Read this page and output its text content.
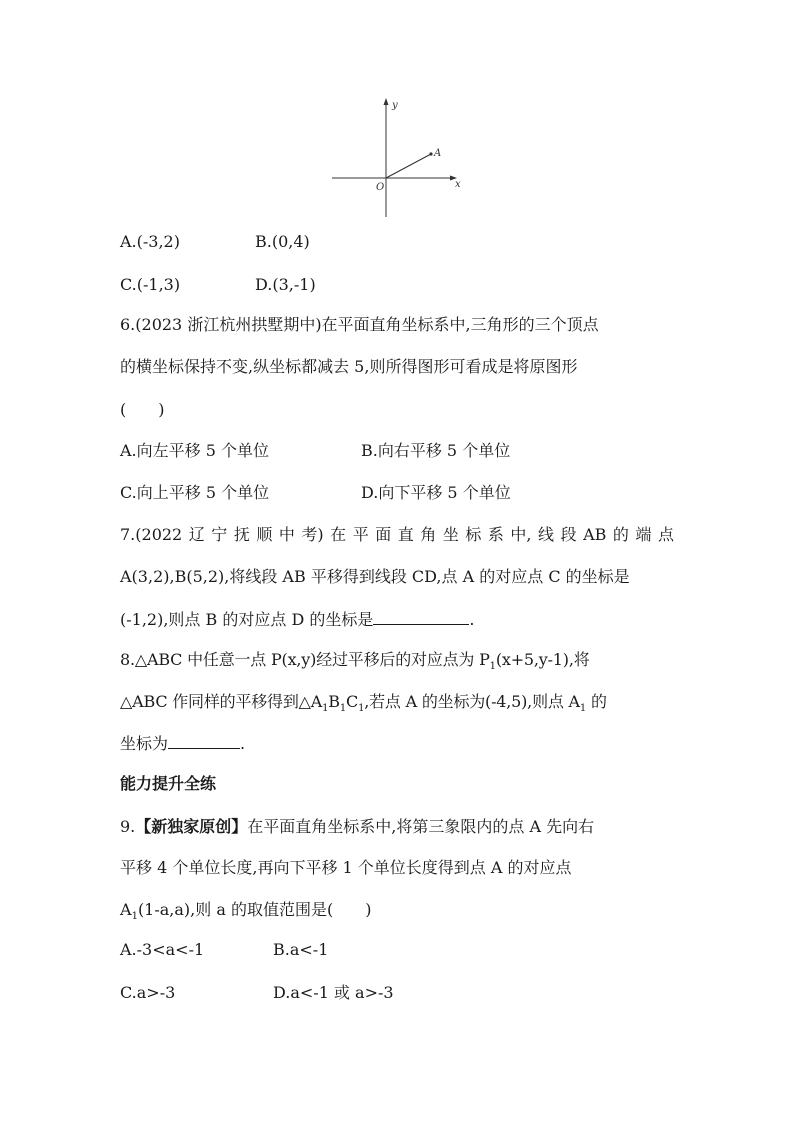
y
x
O
A
A.(-3,2)	B.(0,4)
C.(-1,3)	D.(3,-1)
6.(2023 浙江杭州拱墅期中)在平面直角坐标系中,三角形的三个顶点
的横坐标保持不变,纵坐标都减去 5,则所得图形可看成是将原图形
(　　)
A.向左平移 5 个单位	B.向右平移 5 个单位
C.向上平移 5 个单位	D.向下平移 5 个单位
7.(2022 辽 宁 抚 顺 中 考) 在 平 面 直 角 坐 标 系 中, 线 段 AB 的 端 点
A(3,2),B(5,2),将线段 AB 平移得到线段 CD,点 A 的对应点 C 的坐标是
(-1,2),则点 B 的对应点 D 的坐标是	.
8.△ABC 中任意一点 P(x,y)经过平移后的对应点为 $P_1(x+5,y-1)$,将
△ABC 作同样的平移得到$\triangle A_1B_1C_1$,若点 A 的坐标为(-4,5),则点 $A_1$ 的
坐标为	.
能力提升全练
9.【新独家原创】在平面直角坐标系中,将第三象限内的点 A 先向右
平移 4 个单位长度,再向下平移 1 个单位长度得到点 A 的对应点
$A_1(1-a,a)$,则 a 的取值范围是(　　)
A.-3<a<-1	B.a<-1
C.a>-3	D.a<-1 或 a>-3
